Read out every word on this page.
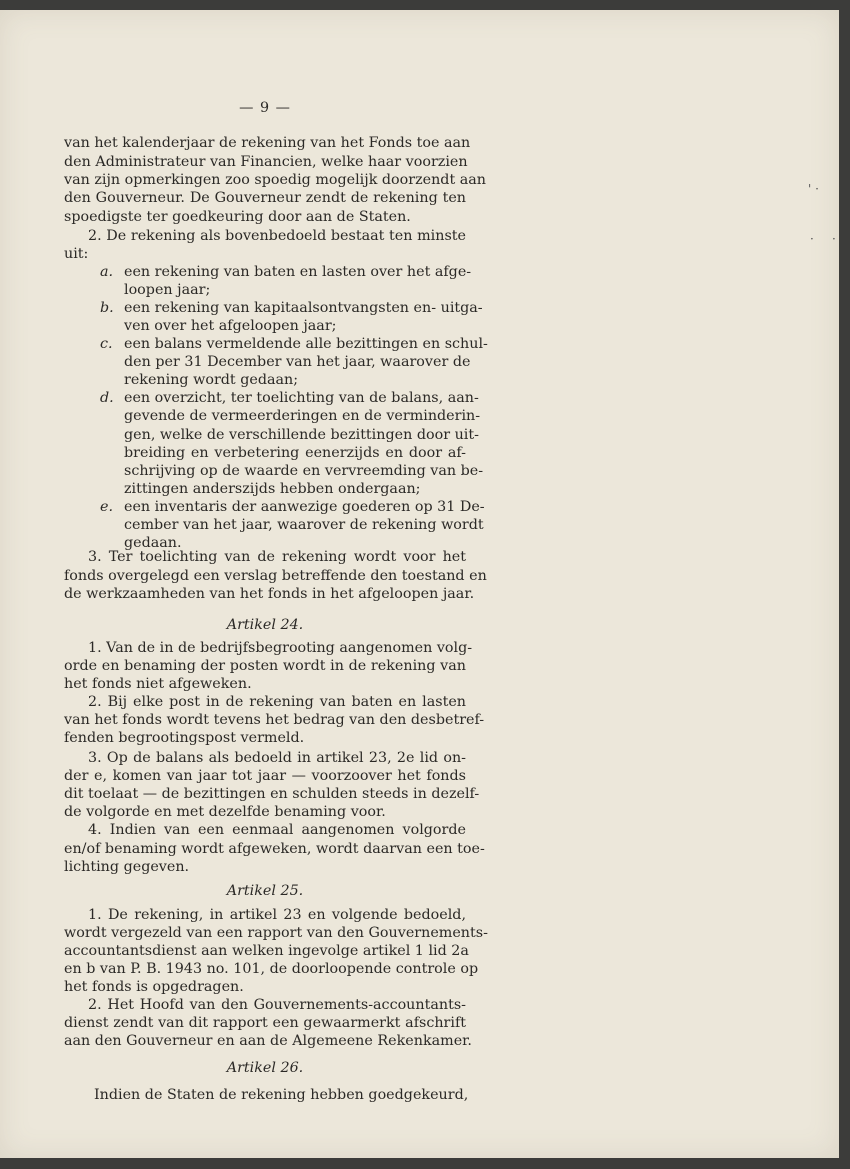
— 9 —
van het kalenderjaar de rekening van het Fonds toe aan
den Administrateur van Financien, welke haar voorzien
van zijn opmerkingen zoo spoedig mogelijk doorzendt aan
den Gouverneur. De Gouverneur zendt de rekening ten
spoedigste ter goedkeuring door aan de Staten.
2. De rekening als bovenbedoeld bestaat ten minste
uit:
een rekening van baten en lasten over het afge-
a.
loopen jaar;
een rekening van kapitaalsontvangsten en- uitga-
b.
ven over het afgeloopen jaar;
een balans vermeldende alle bezittingen en schul-
c.
den per 31 December van het jaar, waarover de
rekening wordt gedaan;
een overzicht, ter toelichting van de balans, aan-
d.
gevende de vermeerderingen en de verminderin-
gen, welke de verschillende bezittingen door uit-
breiding en verbetering eenerzijds en door af-
schrijving op de waarde en vervreemding van be-
zittingen anderszijds hebben ondergaan;
een inventaris der aanwezige goederen op 31 De-
e.
cember van het jaar, waarover de rekening wordt
gedaan.
3. Ter toelichting van de rekening wordt voor het
fonds overgelegd een verslag betreffende den toestand en
de werkzaamheden van het fonds in het afgeloopen jaar.
Artikel 24.
1. Van de in de bedrijfsbegrooting aangenomen volg-
orde en benaming der posten wordt in de rekening van
het fonds niet afgeweken.
2. Bij elke post in de rekening van baten en lasten
van het fonds wordt tevens het bedrag van den desbetref-
fenden begrootingspost vermeld.
3. Op de balans als bedoeld in artikel 23, 2e lid on-
der e, komen van jaar tot jaar — voorzoover het fonds
dit toelaat — de bezittingen en schulden steeds in dezelf-
de volgorde en met dezelfde benaming voor.
4. Indien van een eenmaal aangenomen volgorde
en/of benaming wordt afgeweken, wordt daarvan een toe-
lichting gegeven.
Artikel 25.
1. De rekening, in artikel 23 en volgende bedoeld,
wordt vergezeld van een rapport van den Gouvernements-
accountantsdienst aan welken ingevolge artikel 1 lid 2a
en b van P. B. 1943 no. 101, de doorloopende controle op
het fonds is opgedragen.
2. Het Hoofd van den Gouvernements-accountants-
dienst zendt van dit rapport een gewaarmerkt afschrift
aan den Gouverneur en aan de Algemeene Rekenkamer.
Artikel 26.
Indien de Staten de rekening hebben goedgekeurd,
' ·
· ·
